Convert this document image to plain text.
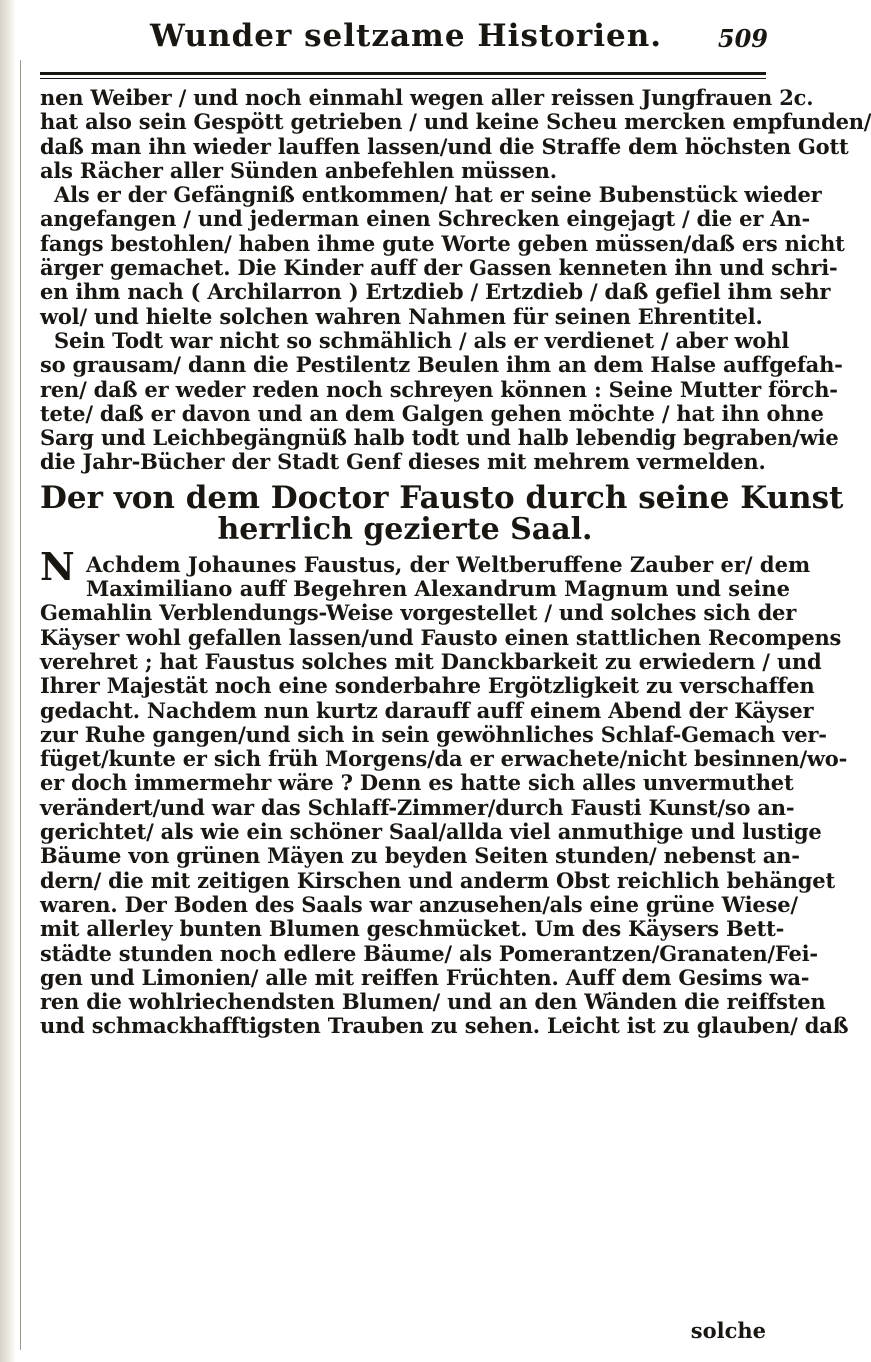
Wunder seltzame Historien.	509
nen Weiber / und noch einmahl wegen aller reissen Jungfrauen 2c.
hat also sein Gespött getrieben / und keine Scheu mercken empfunden/
daß man ihn wieder lauffen lassen/und die Straffe dem höchsten Gott
als Rächer aller Sünden anbefehlen müssen.
Als er der Gefängniß entkommen/ hat er seine Bubenstück wieder
angefangen / und jederman einen Schrecken eingejagt / die er An-
fangs bestohlen/ haben ihme gute Worte geben müssen/daß ers nicht
ärger gemachet. Die Kinder auff der Gassen kenneten ihn und schri-
en ihm nach ( Archilarron ) Ertzdieb / Ertzdieb / daß gefiel ihm sehr
wol/ und hielte solchen wahren Nahmen für seinen Ehrentitel.
Sein Todt war nicht so schmählich / als er verdienet / aber wohl
so grausam/ dann die Pestilentz Beulen ihm an dem Halse auffgefah-
ren/ daß er weder reden noch schreyen können : Seine Mutter förch-
tete/ daß er davon und an dem Galgen gehen möchte / hat ihn ohne
Sarg und Leichbegängnüß halb todt und halb lebendig begraben/wie
die Jahr-Bücher der Stadt Genf dieses mit mehrem vermelden.
Der von dem Doctor Fausto durch seine Kunst
herrlich gezierte Saal.
N Achdem Johaunes Faustus, der Weltberuffene Zauber er/ dem
Maximiliano auff Begehren Alexandrum Magnum und seine
Gemahlin Verblendungs-Weise vorgestellet / und solches sich der
Käyser wohl gefallen lassen/und Fausto einen stattlichen Recompens
verehret ; hat Faustus solches mit Danckbarkeit zu erwiedern / und
Ihrer Majestät noch eine sonderbahre Ergötzligkeit zu verschaffen
gedacht. Nachdem nun kurtz darauff auff einem Abend der Käyser
zur Ruhe gangen/und sich in sein gewöhnliches Schlaf-Gemach ver-
füget/kunte er sich früh Morgens/da er erwachete/nicht besinnen/wo-
er doch immermehr wäre ? Denn es hatte sich alles unvermuthet
verändert/und war das Schlaff-Zimmer/durch Fausti Kunst/so an-
gerichtet/ als wie ein schöner Saal/allda viel anmuthige und lustige
Bäume von grünen Mäyen zu beyden Seiten stunden/ nebenst an-
dern/ die mit zeitigen Kirschen und anderm Obst reichlich behänget
waren. Der Boden des Saals war anzusehen/als eine grüne Wiese/
mit allerley bunten Blumen geschmücket. Um des Käysers Bett-
städte stunden noch edlere Bäume/ als Pomerantzen/Granaten/Fei-
gen und Limonien/ alle mit reiffen Früchten. Auff dem Gesims wa-
ren die wohlriechendsten Blumen/ und an den Wänden die reiffsten
und schmackhafftigsten Trauben zu sehen. Leicht ist zu glauben/ daß
solche
